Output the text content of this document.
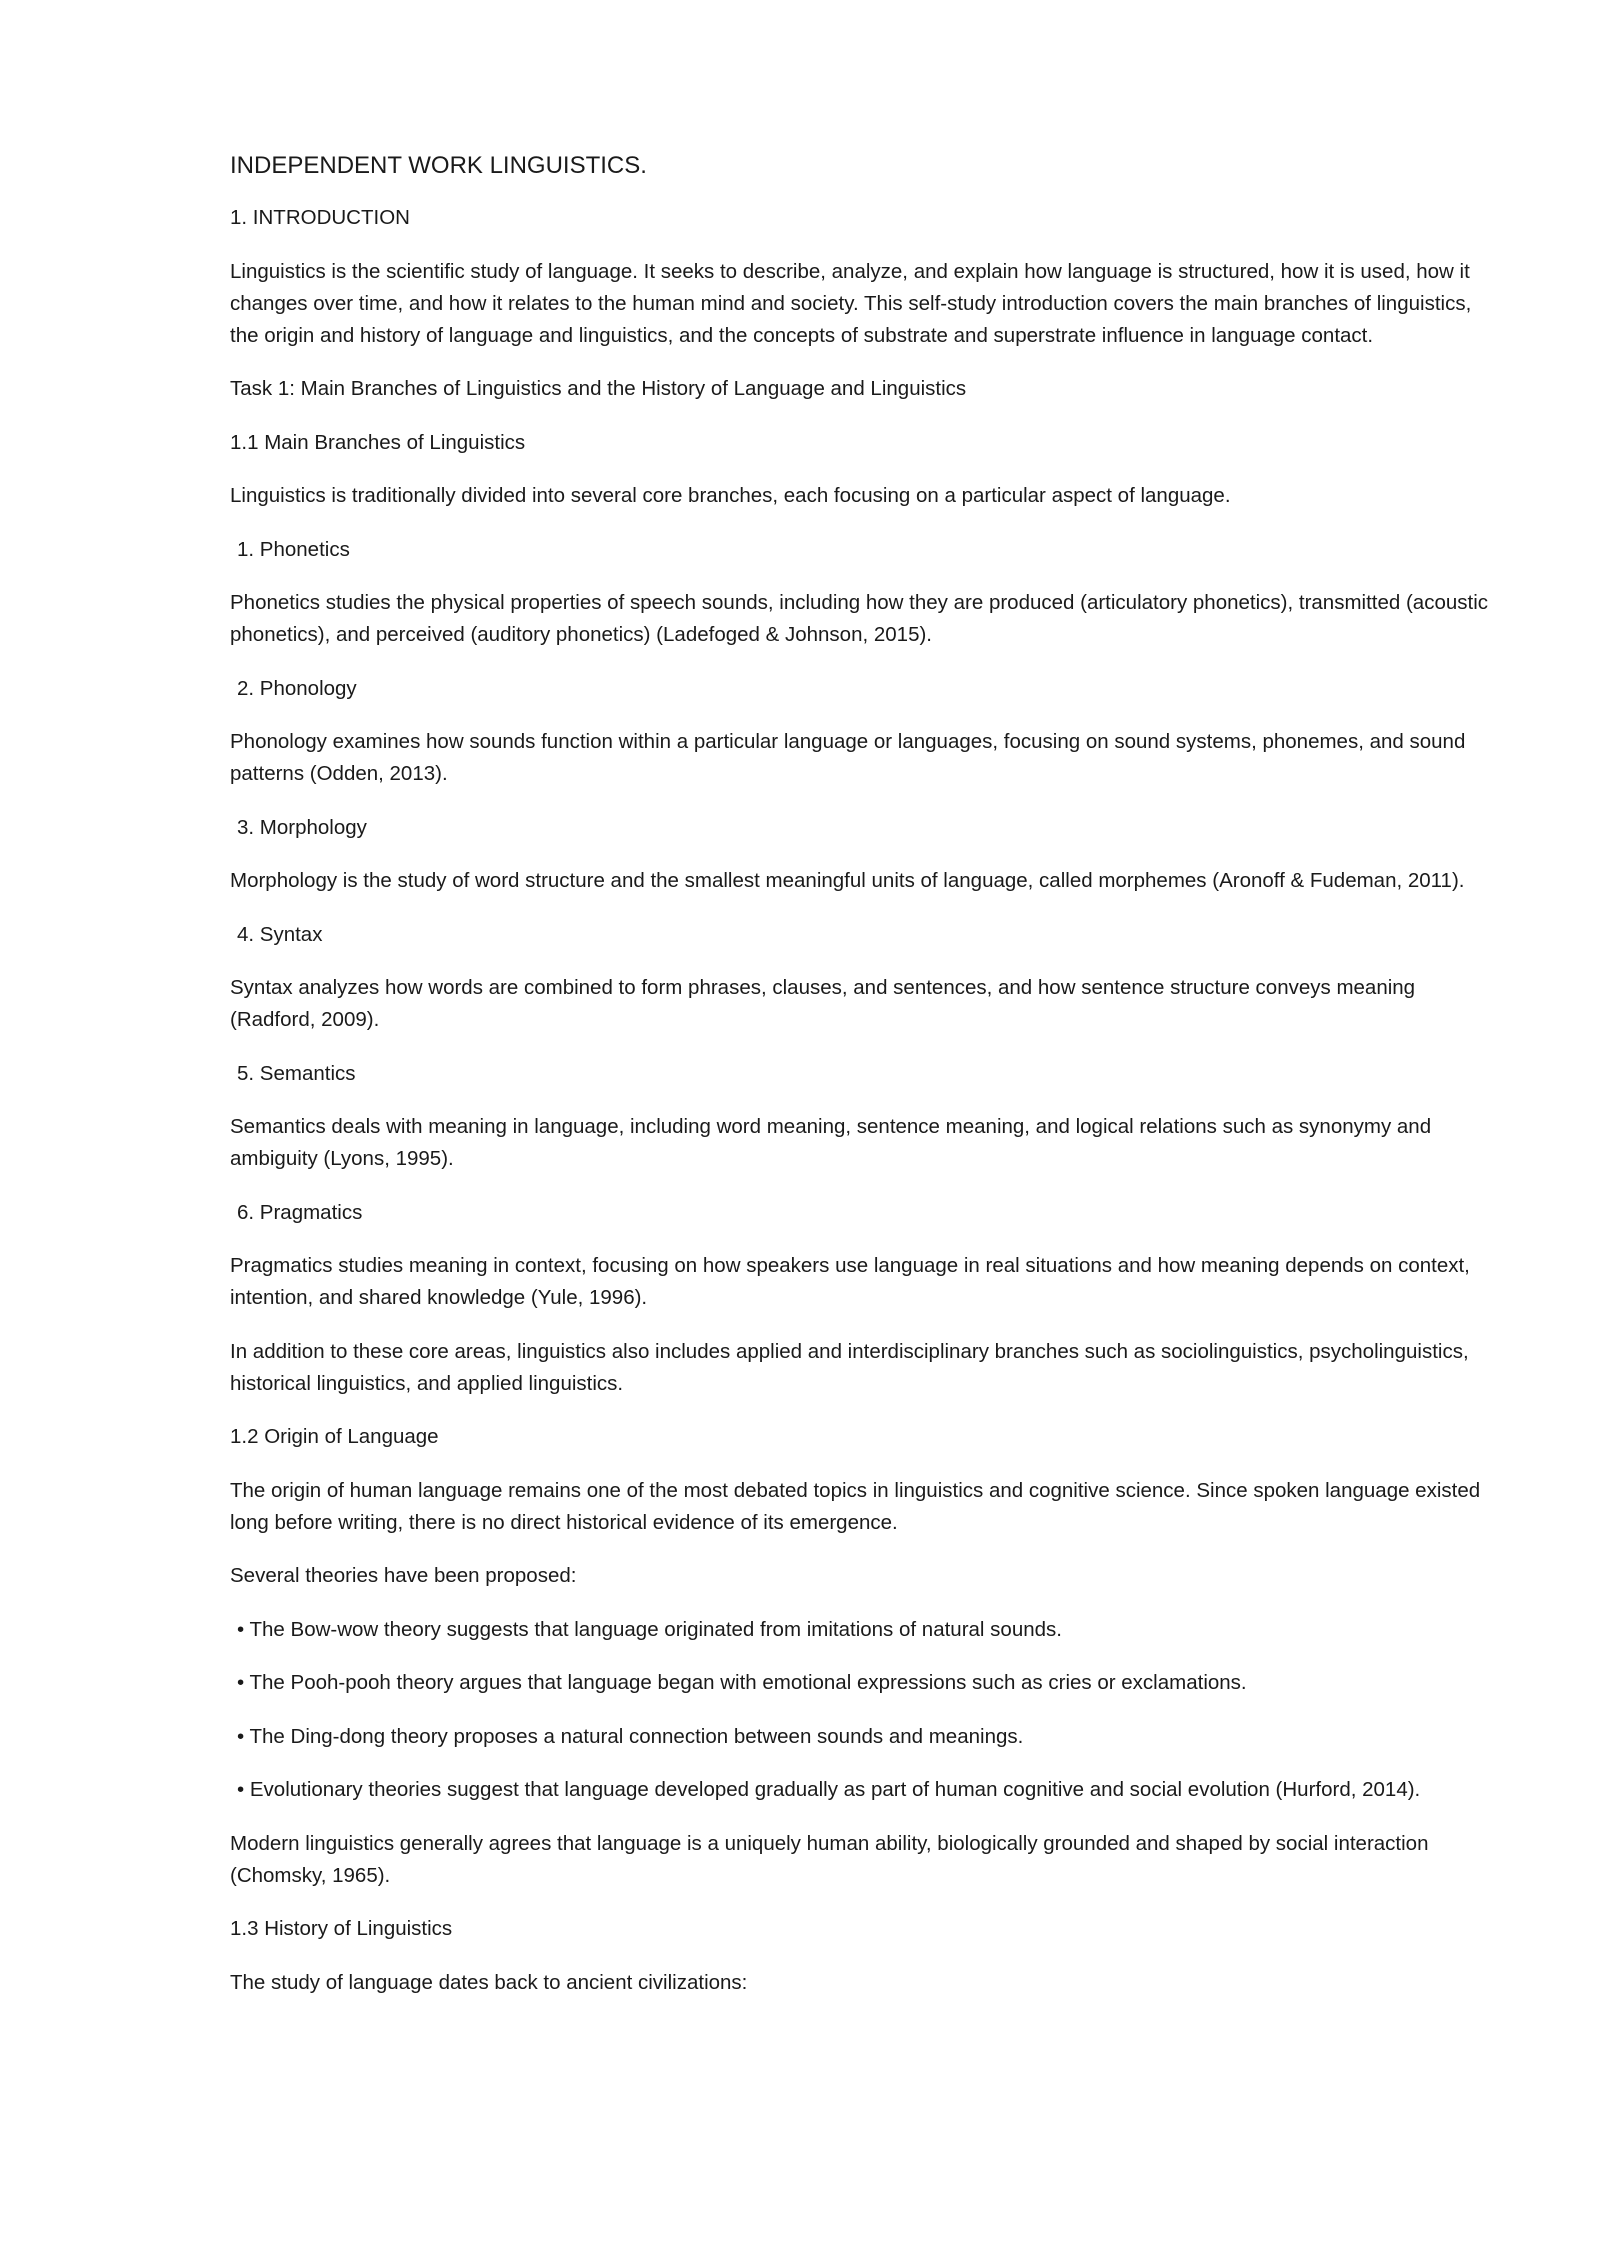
INDEPENDENT WORK LINGUISTICS.

1. INTRODUCTION

Linguistics is the scientific study of language. It seeks to describe, analyze, and explain how language is structured, how it is used, how it changes over time, and how it relates to the human mind and society. This self-study introduction covers the main branches of linguistics, the origin and history of language and linguistics, and the concepts of substrate and superstrate influence in language contact.

Task 1: Main Branches of Linguistics and the History of Language and Linguistics

1.1 Main Branches of Linguistics

Linguistics is traditionally divided into several core branches, each focusing on a particular aspect of language.

1. Phonetics

Phonetics studies the physical properties of speech sounds, including how they are produced (articulatory phonetics), transmitted (acoustic phonetics), and perceived (auditory phonetics) (Ladefoged & Johnson, 2015).

2. Phonology

Phonology examines how sounds function within a particular language or languages, focusing on sound systems, phonemes, and sound patterns (Odden, 2013).

3. Morphology

Morphology is the study of word structure and the smallest meaningful units of language, called morphemes (Aronoff & Fudeman, 2011).

4. Syntax

Syntax analyzes how words are combined to form phrases, clauses, and sentences, and how sentence structure conveys meaning (Radford, 2009).

5. Semantics

Semantics deals with meaning in language, including word meaning, sentence meaning, and logical relations such as synonymy and ambiguity (Lyons, 1995).

6. Pragmatics

Pragmatics studies meaning in context, focusing on how speakers use language in real situations and how meaning depends on context, intention, and shared knowledge (Yule, 1996).

In addition to these core areas, linguistics also includes applied and interdisciplinary branches such as sociolinguistics, psycholinguistics, historical linguistics, and applied linguistics.

1.2 Origin of Language

The origin of human language remains one of the most debated topics in linguistics and cognitive science. Since spoken language existed long before writing, there is no direct historical evidence of its emergence.

Several theories have been proposed:

• The Bow-wow theory suggests that language originated from imitations of natural sounds.

• The Pooh-pooh theory argues that language began with emotional expressions such as cries or exclamations.

• The Ding-dong theory proposes a natural connection between sounds and meanings.

• Evolutionary theories suggest that language developed gradually as part of human cognitive and social evolution (Hurford, 2014).

Modern linguistics generally agrees that language is a uniquely human ability, biologically grounded and shaped by social interaction (Chomsky, 1965).

1.3 History of Linguistics

The study of language dates back to ancient civilizations:
